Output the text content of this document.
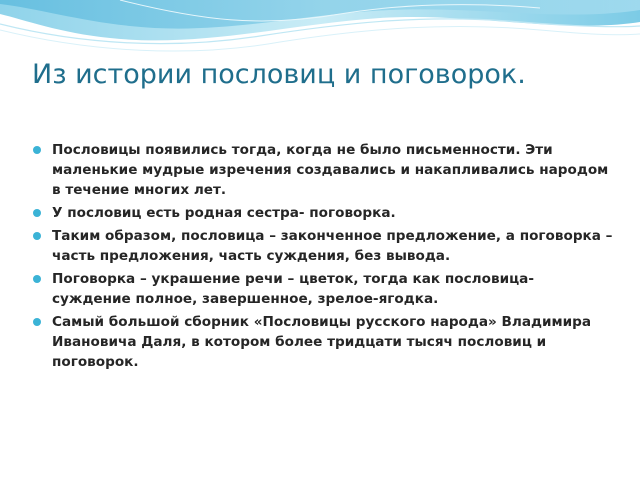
Из истории пословиц и поговорок.
Пословицы появились тогда, когда не было письменности. Эти маленькие мудрые изречения создавались и накапливались народом в течение многих лет.
У пословиц есть родная сестра- поговорка.
Таким образом, пословица – законченное предложение, а поговорка – часть предложения, часть суждения, без вывода.
Поговорка – украшение речи – цветок, тогда как пословица- суждение полное, завершенное, зрелое-ягодка.
Самый большой сборник «Пословицы русского народа» Владимира Ивановича Даля, в котором более тридцати тысяч пословиц и поговорок.
